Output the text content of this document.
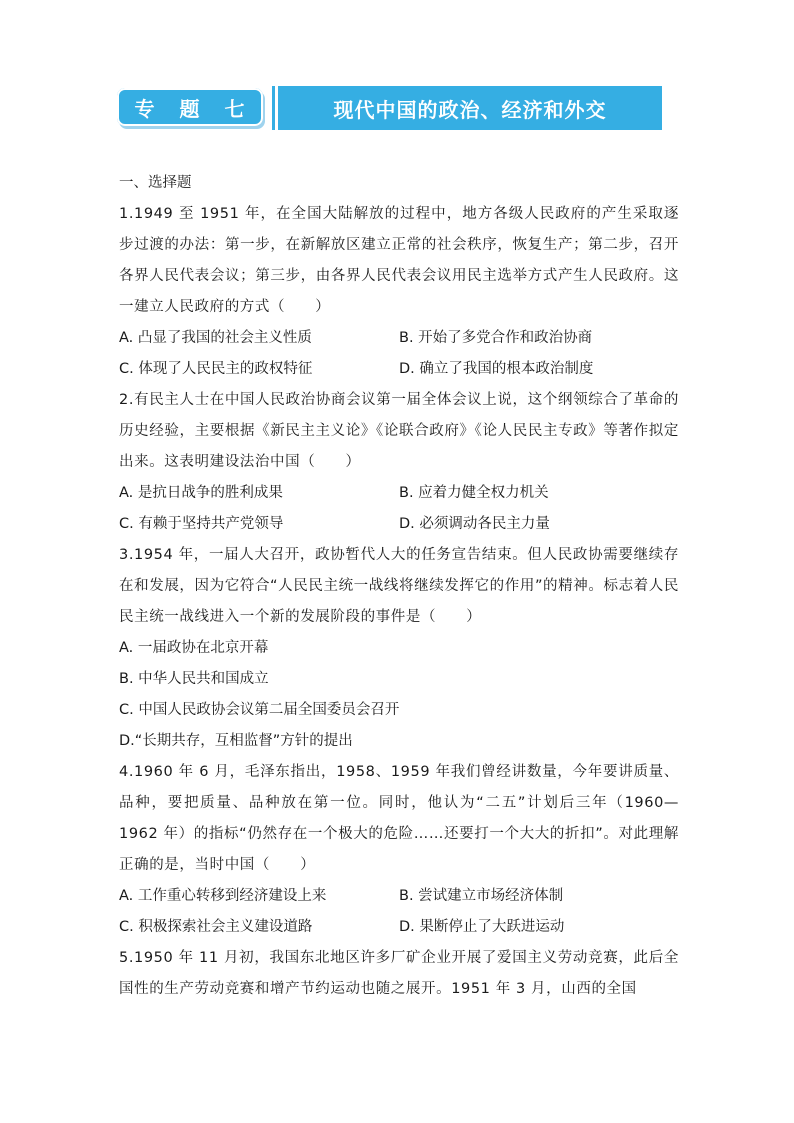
专 题 七	现代中国的政治、经济和外交

一、选择题

1.1949 至 1951 年，在全国大陆解放的过程中，地方各级人民政府的产生采取逐步过渡的办法：第一步，在新解放区建立正常的社会秩序，恢复生产；第二步，召开各界人民代表会议；第三步，由各界人民代表会议用民主选举方式产生人民政府。这一建立人民政府的方式（　　）

A. 凸显了我国的社会主义性质	B. 开始了多党合作和政治协商
C. 体现了人民民主的政权特征	D. 确立了我国的根本政治制度

2.有民主人士在中国人民政治协商会议第一届全体会议上说，这个纲领综合了革命的历史经验，主要根据《新民主主义论》《论联合政府》《论人民民主专政》等著作拟定出来。这表明建设法治中国（　　）

A. 是抗日战争的胜利成果	B. 应着力健全权力机关
C. 有赖于坚持共产党领导	D. 必须调动各民主力量

3.1954 年，一届人大召开，政协暂代人大的任务宣告结束。但人民政协需要继续存在和发展，因为它符合“人民民主统一战线将继续发挥它的作用”的精神。标志着人民民主统一战线进入一个新的发展阶段的事件是（　　）

A. 一届政协在北京开幕

B. 中华人民共和国成立

C. 中国人民政协会议第二届全国委员会召开

D.“长期共存，互相监督”方针的提出

4.1960 年 6 月，毛泽东指出，1958、1959 年我们曾经讲数量，今年要讲质量、品种，要把质量、品种放在第一位。同时，他认为“二五”计划后三年（1960—1962 年）的指标“仍然存在一个极大的危险……还要打一个大大的折扣”。对此理解正确的是，当时中国（　　）

A. 工作重心转移到经济建设上来	B. 尝试建立市场经济体制
C. 积极探索社会主义建设道路	D. 果断停止了大跃进运动

5.1950 年 11 月初，我国东北地区许多厂矿企业开展了爱国主义劳动竞赛，此后全国性的生产劳动竞赛和增产节约运动也随之展开。1951 年 3 月，山西的全国
